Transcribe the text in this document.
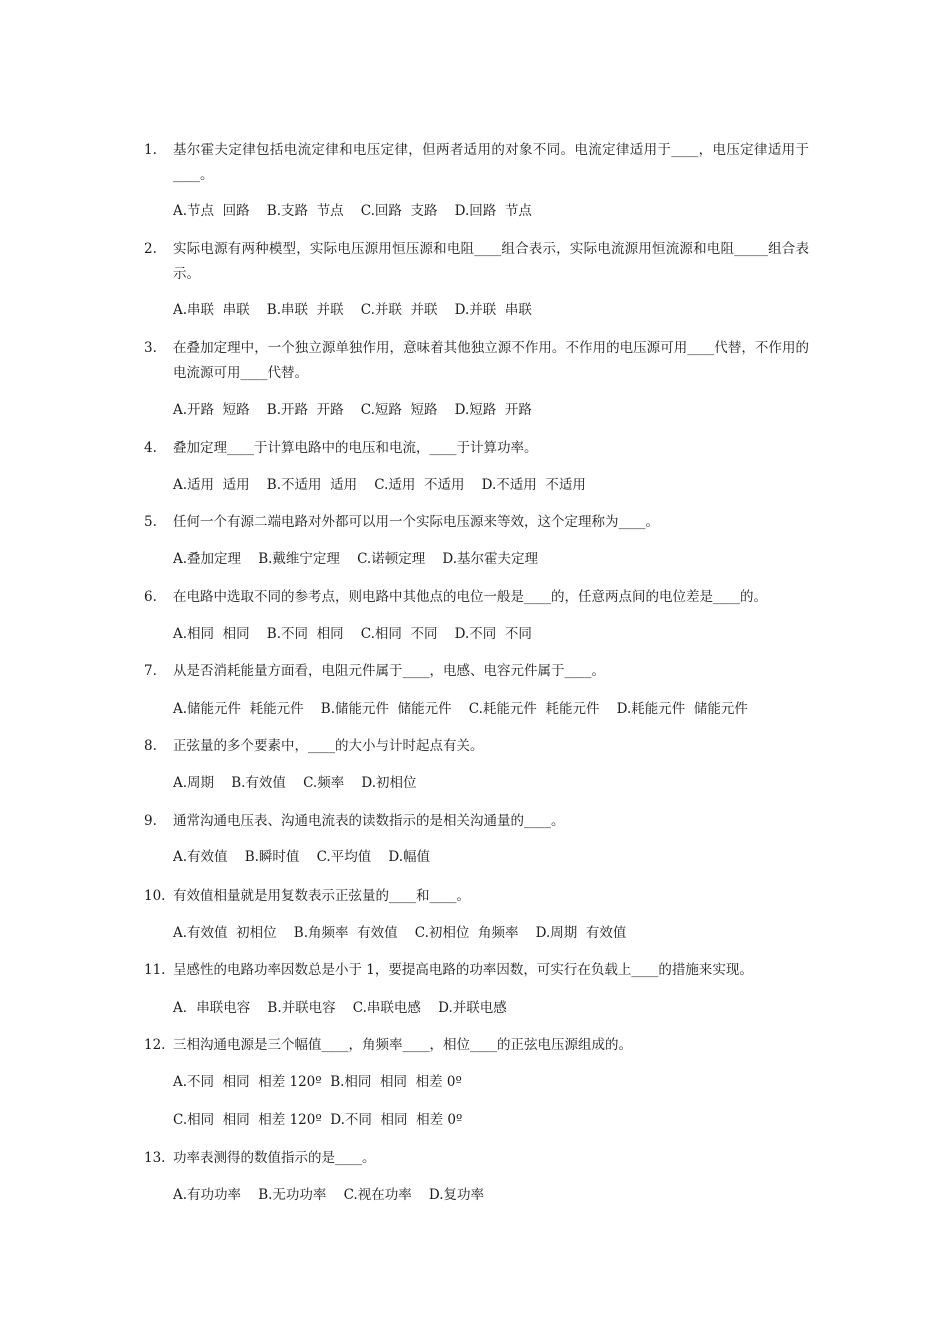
1. 基尔霍夫定律包括电流定律和电压定律，但两者适用的对象不同。电流定律适用于____，电压定律适用于____。
A.节点  回路    B.支路  节点    C.回路  支路    D.回路  节点
2. 实际电源有两种模型，实际电压源用恒压源和电阻____组合表示，实际电流源用恒流源和电阻_____组合表示。
A.串联  串联    B.串联  并联    C.并联  并联    D.并联  串联
3. 在叠加定理中，一个独立源单独作用，意味着其他独立源不作用。不作用的电压源可用____代替，不作用的电流源可用____代替。
A.开路  短路    B.开路  开路    C.短路  短路    D.短路  开路
4. 叠加定理____于计算电路中的电压和电流，____于计算功率。
A.适用  适用    B.不适用  适用    C.适用  不适用    D.不适用  不适用
5. 任何一个有源二端电路对外都可以用一个实际电压源来等效，这个定理称为____。
A.叠加定理    B.戴维宁定理    C.诺顿定理    D.基尔霍夫定理
6. 在电路中选取不同的参考点，则电路中其他点的电位一般是____的，任意两点间的电位差是____的。
A.相同  相同    B.不同  相同    C.相同  不同    D.不同  不同
7. 从是否消耗能量方面看，电阻元件属于____，电感、电容元件属于____。
A.储能元件  耗能元件    B.储能元件  储能元件    C.耗能元件  耗能元件    D.耗能元件  储能元件
8. 正弦量的多个要素中，____的大小与计时起点有关。
A.周期    B.有效值    C.频率    D.初相位
9. 通常沟通电压表、沟通电流表的读数指示的是相关沟通量的____。
A.有效值    B.瞬时值    C.平均值    D.幅值
10. 有效值相量就是用复数表示正弦量的____和____。
A.有效值  初相位    B.角频率  有效值    C.初相位  角频率    D.周期  有效值
11. 呈感性的电路功率因数总是小于 1，要提高电路的功率因数，可实行在负载上____的措施来实现。
A．串联电容    B.并联电容    C.串联电感    D.并联电感
12. 三相沟通电源是三个幅值____，角频率____，相位____的正弦电压源组成的。
A.不同  相同  相差 120º  B.相同  相同  相差 0º
C.相同  相同  相差 120º  D.不同  相同  相差 0º
13. 功率表测得的数值指示的是____。
A.有功功率    B.无功功率    C.视在功率    D.复功率
